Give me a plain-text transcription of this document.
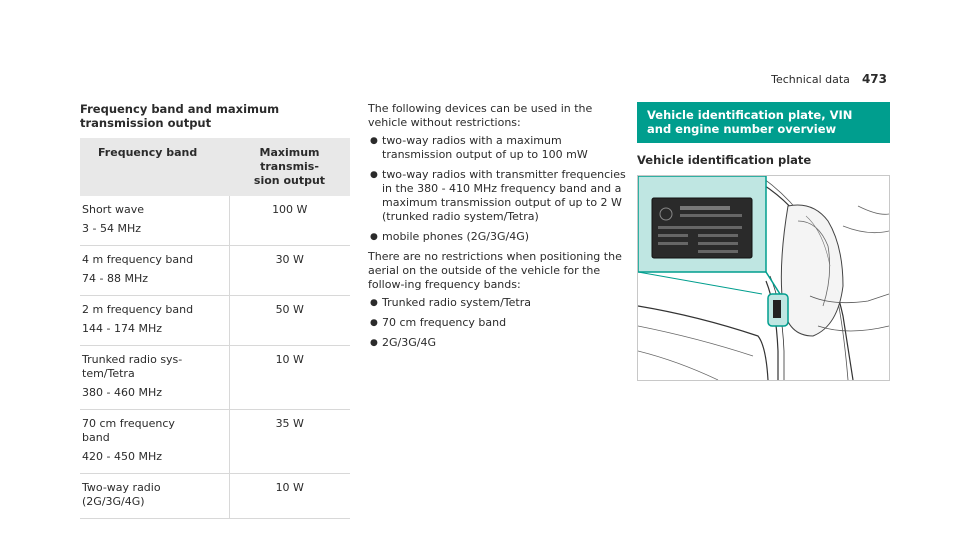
Technical data 473
Frequency band and maximum transmission output
Frequency band	Maximum transmis-
sion output
Short wave
3 - 54 MHz	100 W
4 m frequency band
74 - 88 MHz	30 W
2 m frequency band
144 - 174 MHz	50 W
Trunked radio sys-
tem/Tetra
380 - 460 MHz	10 W
70 cm frequency
band
420 - 450 MHz	35 W
Two-way radio
(2G/3G/4G)	10 W

The following devices can be used in the vehicle without restrictions:

● two-way radios with a maximum transmission output of up to 100 mW
● two-way radios with transmitter frequencies in the 380 - 410 MHz frequency band and a maximum transmission output of up to 2 W (trunked radio system/Tetra)
● mobile phones (2G/3G/4G)

There are no restrictions when positioning the aerial on the outside of the vehicle for the follow-ing frequency bands:

● Trunked radio system/Tetra
● 70 cm frequency band
● 2G/3G/4G
Vehicle identification plate, VIN and engine number overview
Vehicle identification plate
